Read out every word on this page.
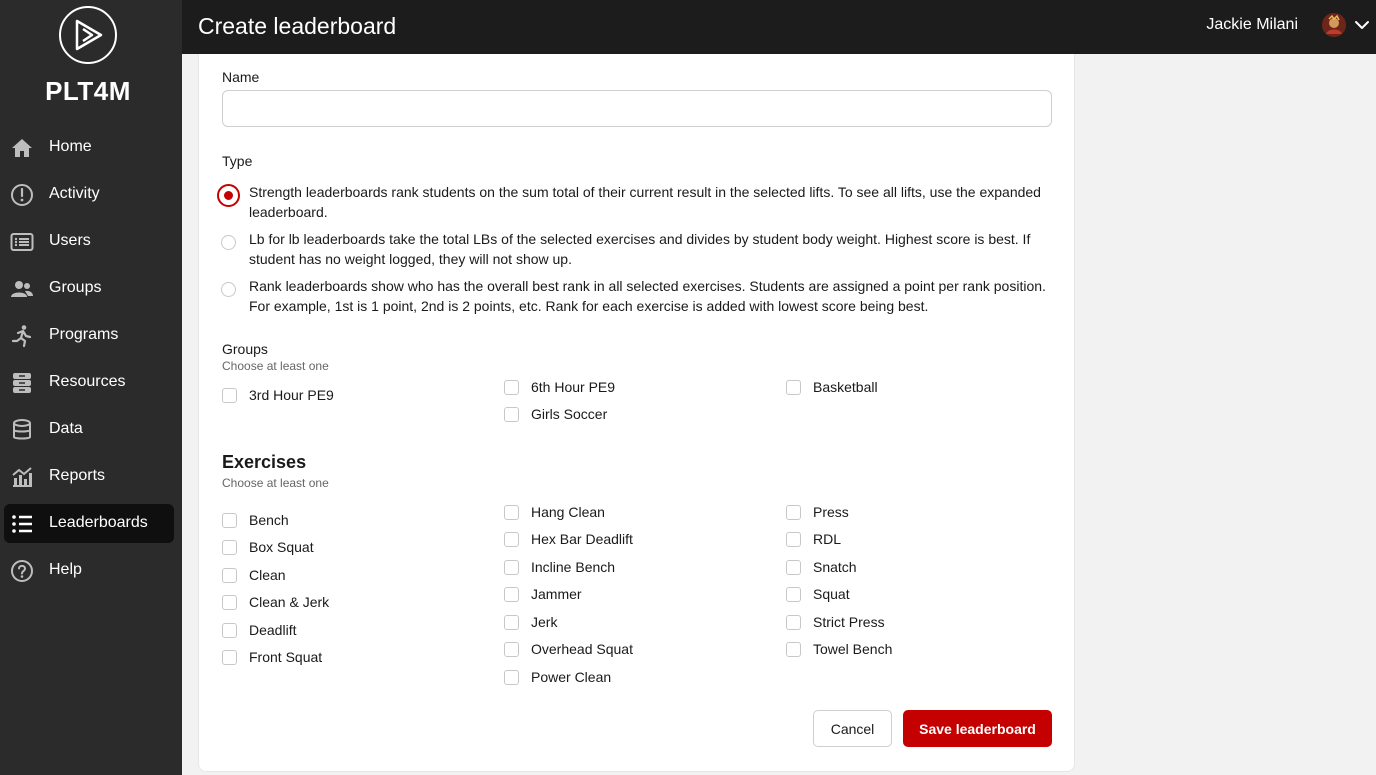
PLT4M
Home
Activity
Users
Groups
Programs
Resources
Data
Reports
Leaderboards
Help
Create leaderboard	Jackie Milani
Name
Type
Strength leaderboards rank students on the sum total of their current result in the selected lifts. To see all lifts, use the expanded leaderboard.
Lb for lb leaderboards take the total LBs of the selected exercises and divides by student body weight. Highest score is best. If student has no weight logged, they will not show up.
Rank leaderboards show who has the overall best rank in all selected exercises. Students are assigned a point per rank position. For example, 1st is 1 point, 2nd is 2 points, etc. Rank for each exercise is added with lowest score being best.
Groups
Choose at least one
3rd Hour PE9	6th Hour PE9
Girls Soccer
Basketball
Exercises
Choose at least one
Bench
Box Squat
Clean
Clean & Jerk
Deadlift
Front Squat
Hang Clean
Hex Bar Deadlift
Incline Bench
Jammer
Jerk
Overhead Squat
Power Clean
Press
RDL
Snatch
Squat
Strict Press
Towel Bench
Cancel	Save leaderboard
